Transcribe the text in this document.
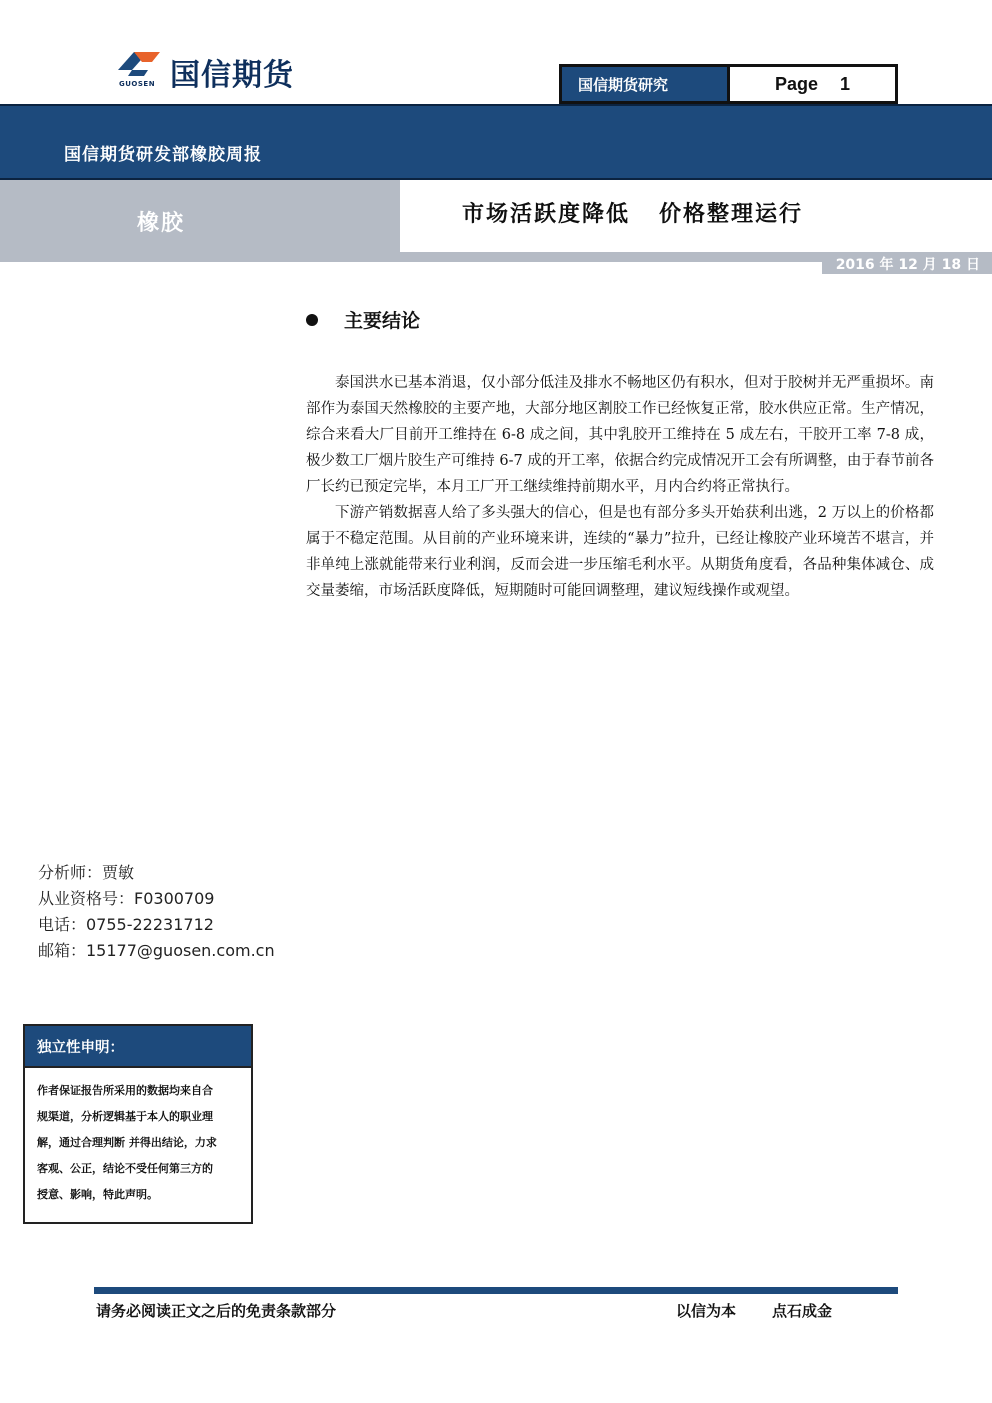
国信期货
GUOSEN	国信期货研究	Page 1
国信期货研发部橡胶周报
橡胶	市场活跃度降低   价格整理运行
2016 年 12 月 18 日
主要结论

泰国洪水已基本消退，仅小部分低洼及排水不畅地区仍有积水，但对于胶树并无严重损坏。南部作为泰国天然橡胶的主要产地，大部分地区割胶工作已经恢复正常，胶水供应正常。生产情况，综合来看大厂目前开工维持在 6-8 成之间，其中乳胶开工维持在 5 成左右，干胶开工率 7-8 成，极少数工厂烟片胶生产可维持 6-7 成的开工率，依据合约完成情况开工会有所调整，由于春节前各厂长约已预定完毕，本月工厂开工继续维持前期水平，月内合约将正常执行。

下游产销数据喜人给了多头强大的信心，但是也有部分多头开始获利出逃，2 万以上的价格都属于不稳定范围。从目前的产业环境来讲，连续的“暴力”拉升，已经让橡胶产业环境苦不堪言，并非单纯上涨就能带来行业利润，反而会进一步压缩毛利水平。从期货角度看，各品种集体减仓、成交量萎缩，市场活跃度降低，短期随时可能回调整理，建议短线操作或观望。

分析师：贾敏
从业资格号：F0300709
电话：0755-22231712
邮箱：15177@guosen.com.cn
独立性申明：
作者保证报告所采用的数据均来自合
规渠道，分析逻辑基于本人的职业理
解，通过合理判断 并得出结论，力求
客观、公正，结论不受任何第三方的
授意、影响，特此声明。
请务必阅读正文之后的免责条款部分	以信为本 点石成金
